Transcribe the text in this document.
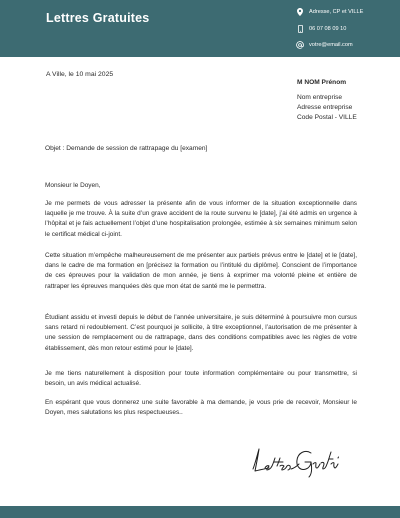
Lettres Gratuites	Adresse, CP et VILLE
06 07 08 09 10
votre@email.com
A Ville, le 10 mai 2025
M NOM Prénom
Nom entreprise
Adresse entreprise
Code Postal - VILLE
Objet : Demande de session de rattrapage du [examen]
Monsieur le Doyen,
Je me permets de vous adresser la présente afin de vous informer de la situation exceptionnelle dans laquelle je me trouve. À la suite d’un grave accident de la route survenu le [date], j’ai été admis en urgence à l’hôpital et je fais actuellement l’objet d’une hospitalisation prolongée, estimée à six semaines minimum selon le certificat médical ci-joint.
Cette situation m’empêche malheureusement de me présenter aux partiels prévus entre le [date] et le [date], dans le cadre de ma formation en [précisez la formation ou l’intitulé du diplôme]. Conscient de l’importance de ces épreuves pour la validation de mon année, je tiens à exprimer ma volonté pleine et entière de rattraper les épreuves manquées dès que mon état de santé me le permettra.
Étudiant assidu et investi depuis le début de l’année universitaire, je suis déterminé à poursuivre mon cursus sans retard ni redoublement. C’est pourquoi je sollicite, à titre exceptionnel, l’autorisation de me présenter à une session de remplacement ou de rattrapage, dans des conditions compatibles avec les règles de votre établissement, dès mon retour estimé pour le [date].
Je me tiens naturellement à disposition pour toute information complémentaire ou pour transmettre, si besoin, un avis médical actualisé.
En espérant que vous donnerez une suite favorable à ma demande, je vous prie de recevoir, Monsieur le Doyen, mes salutations les plus respectueuses..
